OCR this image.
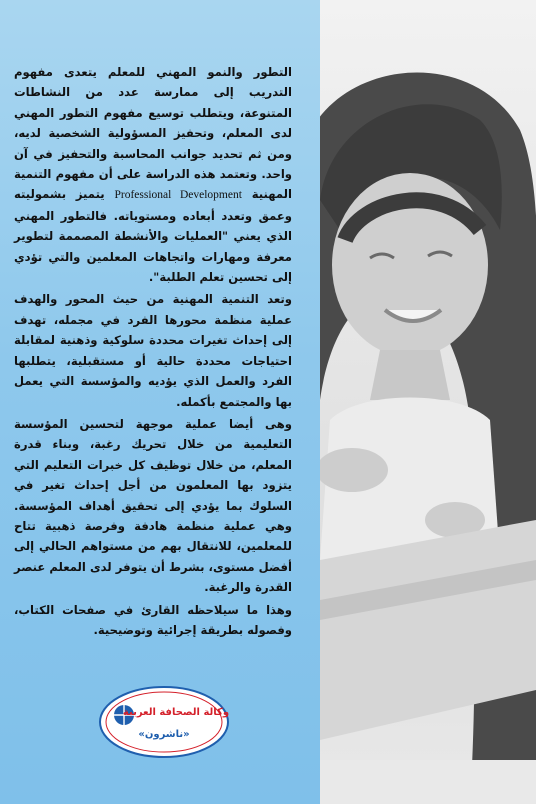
التطور والنمو المهني للمعلم يتعدى مفهوم التدريب إلى ممارسة عدد من النشاطات المتنوعة، ويتطلب توسيع مفهوم التطور المهني لدى المعلم، وتحفيز المسؤولية الشخصية لديه، ومن ثم تحديد جوانب المحاسبة والتحفيز في آن واحد. وتعتمد هذه الدراسة على أن مفهوم التنمية المهنية Professional Development يتميز بشموليته وعمق وتعدد أبعاده ومستوياته. فالتطور المهني الذي يعني "العمليات والأنشطة المصممة لتطوير معرفة ومهارات واتجاهات المعلمين والتي تؤدي إلى تحسين تعلم الطلبة".

وتعد التنمية المهنية من حيث المحور والهدف عملية منظمة محورها الفرد في مجمله، تهدف إلى إحداث تغيرات محددة سلوكية وذهنية لمقابلة احتياجات محددة حالية أو مستقبلية، يتطلبها الفرد والعمل الذي يؤديه والمؤسسة التي يعمل بها والمجتمع بأكمله.

وهى أيضا عملية موجهة لتحسين المؤسسة التعليمية من خلال تحريك رغبة، وبناء قدرة المعلم، من خلال توظيف كل خبرات التعليم التي يتزود بها المعلمون من أجل إحداث تغير في السلوك بما يؤدي إلى تحقيق أهداف المؤسسة. وهي عملية منظمة هادفة وفرصة ذهبية تتاح للمعلمين، للانتقال بهم من مستواهم الحالي إلى أفضل مستوى، بشرط أن يتوفر لدى المعلم عنصر القدرة والرغبة.

وهذا ما سيلاحظه القارئ في صفحات الكتاب، وفصوله بطريقة إجرائية وتوضيحية.

وكالة الصحافة العربية
«ناشرون»
